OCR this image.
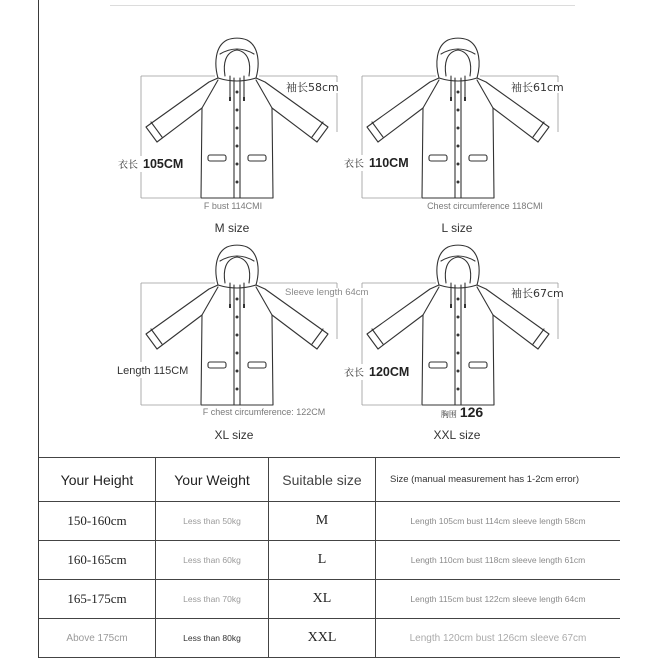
袖长58cm
衣长 105CM
F bust 114CMI
M size
袖长61cm
衣长 110CM
Chest circumference 118CMI
L size
Sleeve length 64cm
Length 115CM
F chest circumference: 122CM
XL size
袖长67cm
衣长 120CM
胸围 126
XXL size
Your Height	Your Weight	Suitable size	Size (manual measurement has 1-2cm error)
150-160cm	Less than 50kg	M	Length 105cm bust 114cm sleeve length 58cm
160-165cm	Less than 60kg	L	Length 110cm bust 118cm sleeve length 61cm
165-175cm	Less than 70kg	XL	Length 115cm bust 122cm sleeve length 64cm
Above 175cm	Less than 80kg	XXL	Length 120cm bust 126cm sleeve 67cm
